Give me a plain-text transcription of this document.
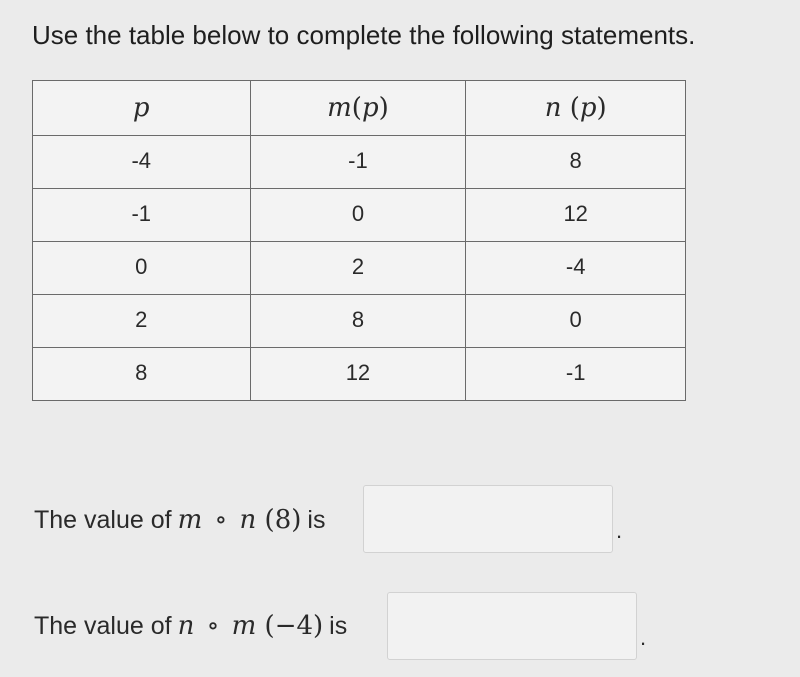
Use the table below to complete the following statements.
p	m(p)	n (p)
-4	-1	8
-1	0	12
0	2	-4
2	8	0
8	12	-1
The value of m ∘ n (8) is	.
The value of n ∘ m (−4) is	.
